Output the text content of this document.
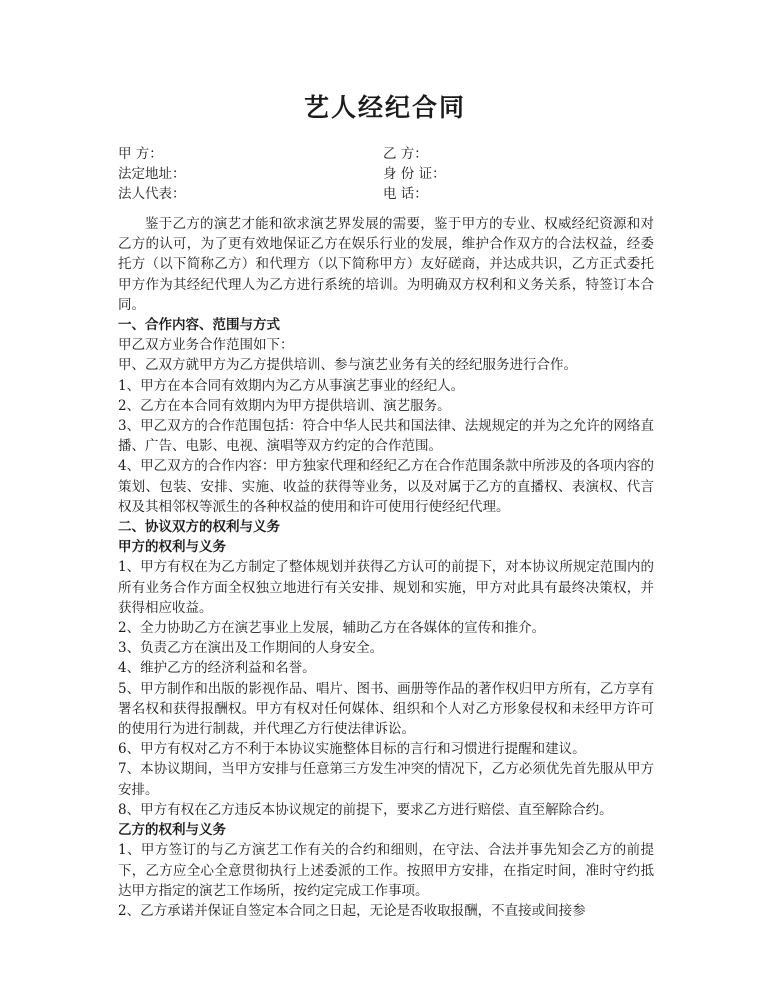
艺人经纪合同
甲 方：	乙 方：
法定地址：	身 份 证：
法人代表：	电 话：

鉴于乙方的演艺才能和欲求演艺界发展的需要，鉴于甲方的专业、权威经纪资源和对乙方的认可，为了更有效地保证乙方在娱乐行业的发展，维护合作双方的合法权益，经委托方（以下简称乙方）和代理方（以下简称甲方）友好磋商，并达成共识，乙方正式委托甲方作为其经纪代理人为乙方进行系统的培训。为明确双方权利和义务关系，特签订本合同。

一、合作内容、范围与方式

甲乙双方业务合作范围如下：

甲、乙双方就甲方为乙方提供培训、参与演艺业务有关的经纪服务进行合作。

1、甲方在本合同有效期内为乙方从事演艺事业的经纪人。

2、乙方在本合同有效期内为甲方提供培训、演艺服务。

3、甲乙双方的合作范围包括：符合中华人民共和国法律、法规规定的并为之允许的网络直播、广告、电影、电视、演唱等双方约定的合作范围。

4、甲乙双方的合作内容：甲方独家代理和经纪乙方在合作范围条款中所涉及的各项内容的策划、包装、安排、实施、收益的获得等业务，以及对属于乙方的直播权、表演权、代言权及其相邻权等派生的各种权益的使用和许可使用行使经纪代理。

二、协议双方的权利与义务

甲方的权利与义务

1、甲方有权在为乙方制定了整体规划并获得乙方认可的前提下，对本协议所规定范围内的所有业务合作方面全权独立地进行有关安排、规划和实施，甲方对此具有最终决策权，并获得相应收益。

2、全力协助乙方在演艺事业上发展，辅助乙方在各媒体的宣传和推介。

3、负责乙方在演出及工作期间的人身安全。

4、维护乙方的经济利益和名誉。

5、甲方制作和出版的影视作品、唱片、图书、画册等作品的著作权归甲方所有，乙方享有署名权和获得报酬权。甲方有权对任何媒体、组织和个人对乙方形象侵权和未经甲方许可的使用行为进行制裁，并代理乙方行使法律诉讼。

6、甲方有权对乙方不利于本协议实施整体目标的言行和习惯进行提醒和建议。

7、本协议期间，当甲方安排与任意第三方发生冲突的情况下，乙方必须优先首先服从甲方安排。

8、甲方有权在乙方违反本协议规定的前提下，要求乙方进行赔偿、直至解除合约。

乙方的权利与义务

1、甲方签订的与乙方演艺工作有关的合约和细则，在守法、合法并事先知会乙方的前提下，乙方应全心全意贯彻执行上述委派的工作。按照甲方安排，在指定时间，准时守约抵达甲方指定的演艺工作场所，按约定完成工作事项。

2、乙方承诺并保证自签定本合同之日起，无论是否收取报酬，不直接或间接参
